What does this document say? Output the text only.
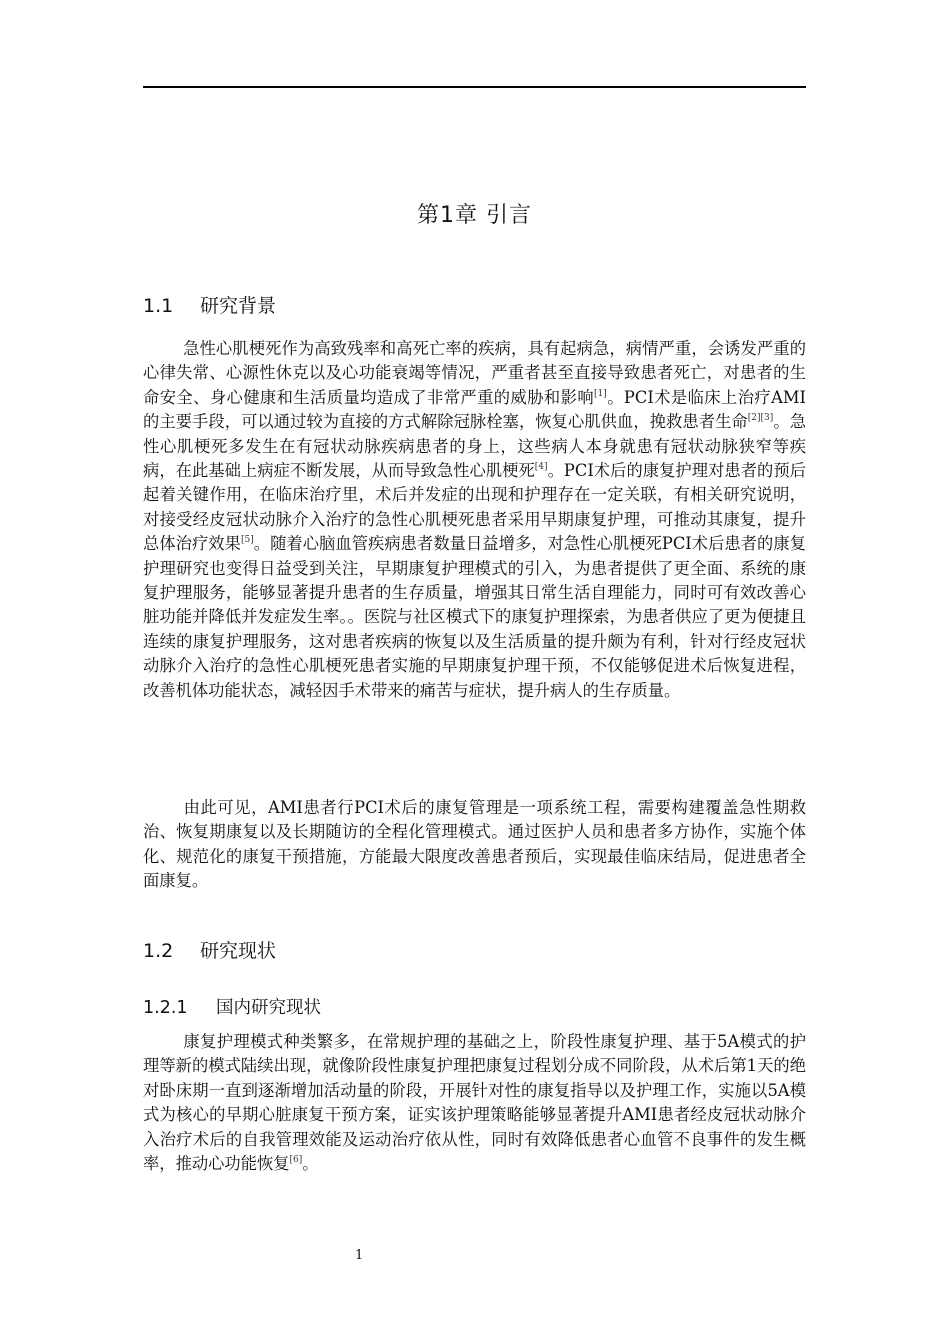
第1章 引言
1.1 研究背景

急性心肌梗死作为高致残率和高死亡率的疾病，具有起病急，病情严重，会诱发严重的心律失常、心源性休克以及心功能衰竭等情况，严重者甚至直接导致患者死亡，对患者的生命安全、身心健康和生活质量均造成了非常严重的威胁和影响[1]。PCI术是临床上治疗AMI的主要手段，可以通过较为直接的方式解除冠脉栓塞，恢复心肌供血，挽救患者生命[2][3]。急性心肌梗死多发生在有冠状动脉疾病患者的身上，这些病人本身就患有冠状动脉狭窄等疾病，在此基础上病症不断发展，从而导致急性心肌梗死[4]。PCI术后的康复护理对患者的预后起着关键作用，在临床治疗里，术后并发症的出现和护理存在一定关联，有相关研究说明，对接受经皮冠状动脉介入治疗的急性心肌梗死患者采用早期康复护理，可推动其康复，提升总体治疗效果[5]。随着心脑血管疾病患者数量日益增多，对急性心肌梗死PCI术后患者的康复护理研究也变得日益受到关注，早期康复护理模式的引入，为患者提供了更全面、系统的康复护理服务，能够显著提升患者的生存质量，增强其日常生活自理能力，同时可有效改善心脏功能并降低并发症发生率。。医院与社区模式下的康复护理探索，为患者供应了更为便捷且连续的康复护理服务，这对患者疾病的恢复以及生活质量的提升颇为有利，针对行经皮冠状动脉介入治疗的急性心肌梗死患者实施的早期康复护理干预，不仅能够促进术后恢复进程，改善机体功能状态，减轻因手术带来的痛苦与症状，提升病人的生存质量。

由此可见，AMI患者行PCI术后的康复管理是一项系统工程，需要构建覆盖急性期救治、恢复期康复以及长期随访的全程化管理模式。通过医护人员和患者多方协作，实施个体化、规范化的康复干预措施，方能最大限度改善患者预后，实现最佳临床结局，促进患者全面康复。

1.2 研究现状
1.2.1 国内研究现状

康复护理模式种类繁多，在常规护理的基础之上，阶段性康复护理、基于5A模式的护理等新的模式陆续出现，就像阶段性康复护理把康复过程划分成不同阶段，从术后第1天的绝对卧床期一直到逐渐增加活动量的阶段，开展针对性的康复指导以及护理工作，实施以5A模式为核心的早期心脏康复干预方案，证实该护理策略能够显著提升AMI患者经皮冠状动脉介入治疗术后的自我管理效能及运动治疗依从性，同时有效降低患者心血管不良事件的发生概率，推动心功能恢复[6]。

1
